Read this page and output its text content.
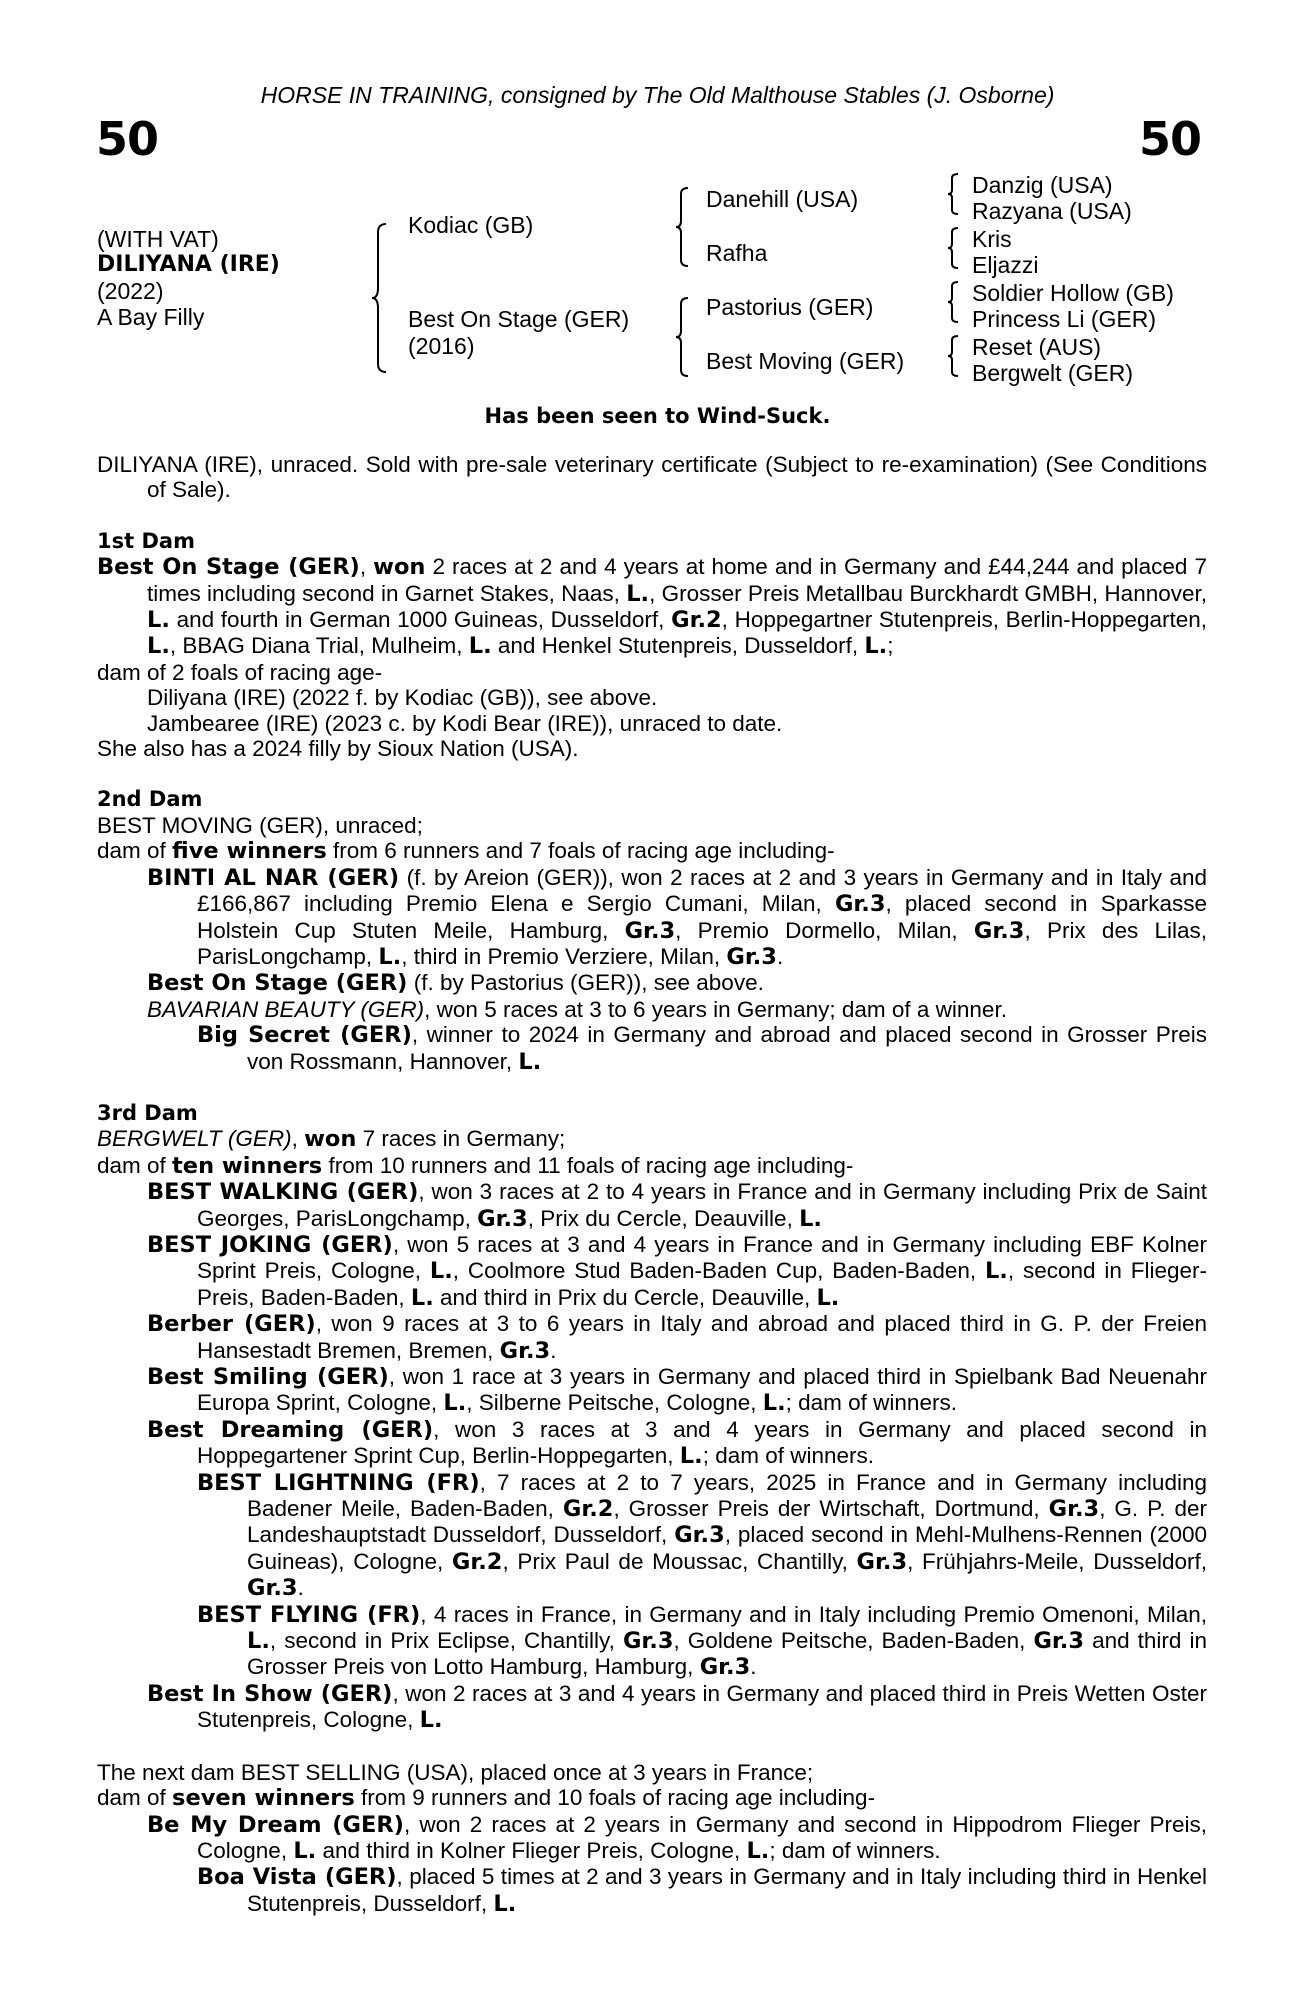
HORSE IN TRAINING, consigned by The Old Malthouse Stables (J. Osborne)
50	50
(WITH VAT)
DILIYANA (IRE)
(2022)
A Bay Filly
Kodiac (GB)
Best On Stage (GER)
(2016)
Danehill (USA)
Rafha
Pastorius (GER)
Best Moving (GER)
Danzig (USA)
Razyana (USA)
Kris
Eljazzi
Soldier Hollow (GB)
Princess Li (GER)
Reset (AUS)
Bergwelt (GER)
Has been seen to Wind-Suck.

DILIYANA (IRE), unraced. Sold with pre-sale veterinary certificate (Subject to re-examination) (See Conditions of Sale).

1st Dam

Best On Stage (GER), won 2 races at 2 and 4 years at home and in Germany and £44,244 and placed 7 times including second in Garnet Stakes, Naas, L., Grosser Preis Metallbau Burckhardt GMBH, Hannover, L. and fourth in German 1000 Guineas, Dusseldorf, Gr.2, Hoppegartner Stutenpreis, Berlin-Hoppegarten, L., BBAG Diana Trial, Mulheim, L. and Henkel Stutenpreis, Dusseldorf, L.;

dam of 2 foals of racing age-

Diliyana (IRE) (2022 f. by Kodiac (GB)), see above.

Jambearee (IRE) (2023 c. by Kodi Bear (IRE)), unraced to date.

She also has a 2024 filly by Sioux Nation (USA).

2nd Dam

BEST MOVING (GER), unraced;

dam of five winners from 6 runners and 7 foals of racing age including-

BINTI AL NAR (GER) (f. by Areion (GER)), won 2 races at 2 and 3 years in Germany and in Italy and £166,867 including Premio Elena e Sergio Cumani, Milan, Gr.3, placed second in Sparkasse Holstein Cup Stuten Meile, Hamburg, Gr.3, Premio Dormello, Milan, Gr.3, Prix des Lilas, ParisLongchamp, L., third in Premio Verziere, Milan, Gr.3.

Best On Stage (GER) (f. by Pastorius (GER)), see above.

BAVARIAN BEAUTY (GER), won 5 races at 3 to 6 years in Germany; dam of a winner.

Big Secret (GER), winner to 2024 in Germany and abroad and placed second in Grosser Preis von Rossmann, Hannover, L.

3rd Dam

BERGWELT (GER), won 7 races in Germany;

dam of ten winners from 10 runners and 11 foals of racing age including-

BEST WALKING (GER), won 3 races at 2 to 4 years in France and in Germany including Prix de Saint Georges, ParisLongchamp, Gr.3, Prix du Cercle, Deauville, L.

BEST JOKING (GER), won 5 races at 3 and 4 years in France and in Germany including EBF Kolner Sprint Preis, Cologne, L., Coolmore Stud Baden-Baden Cup, Baden-Baden, L., second in Flieger-Preis, Baden-Baden, L. and third in Prix du Cercle, Deauville, L.

Berber (GER), won 9 races at 3 to 6 years in Italy and abroad and placed third in G. P. der Freien Hansestadt Bremen, Bremen, Gr.3.

Best Smiling (GER), won 1 race at 3 years in Germany and placed third in Spielbank Bad Neuenahr Europa Sprint, Cologne, L., Silberne Peitsche, Cologne, L.; dam of winners.

Best Dreaming (GER), won 3 races at 3 and 4 years in Germany and placed second in Hoppegartener Sprint Cup, Berlin-Hoppegarten, L.; dam of winners.

BEST LIGHTNING (FR), 7 races at 2 to 7 years, 2025 in France and in Germany including Badener Meile, Baden-Baden, Gr.2, Grosser Preis der Wirtschaft, Dortmund, Gr.3, G. P. der Landeshauptstadt Dusseldorf, Dusseldorf, Gr.3, placed second in Mehl-Mulhens-Rennen (2000 Guineas), Cologne, Gr.2, Prix Paul de Moussac, Chantilly, Gr.3, Frühjahrs-Meile, Dusseldorf, Gr.3.

BEST FLYING (FR), 4 races in France, in Germany and in Italy including Premio Omenoni, Milan, L., second in Prix Eclipse, Chantilly, Gr.3, Goldene Peitsche, Baden-Baden, Gr.3 and third in Grosser Preis von Lotto Hamburg, Hamburg, Gr.3.

Best In Show (GER), won 2 races at 3 and 4 years in Germany and placed third in Preis Wetten Oster Stutenpreis, Cologne, L.

The next dam BEST SELLING (USA), placed once at 3 years in France;

dam of seven winners from 9 runners and 10 foals of racing age including-

Be My Dream (GER), won 2 races at 2 years in Germany and second in Hippodrom Flieger Preis, Cologne, L. and third in Kolner Flieger Preis, Cologne, L.; dam of winners.

Boa Vista (GER), placed 5 times at 2 and 3 years in Germany and in Italy including third in Henkel Stutenpreis, Dusseldorf, L.
